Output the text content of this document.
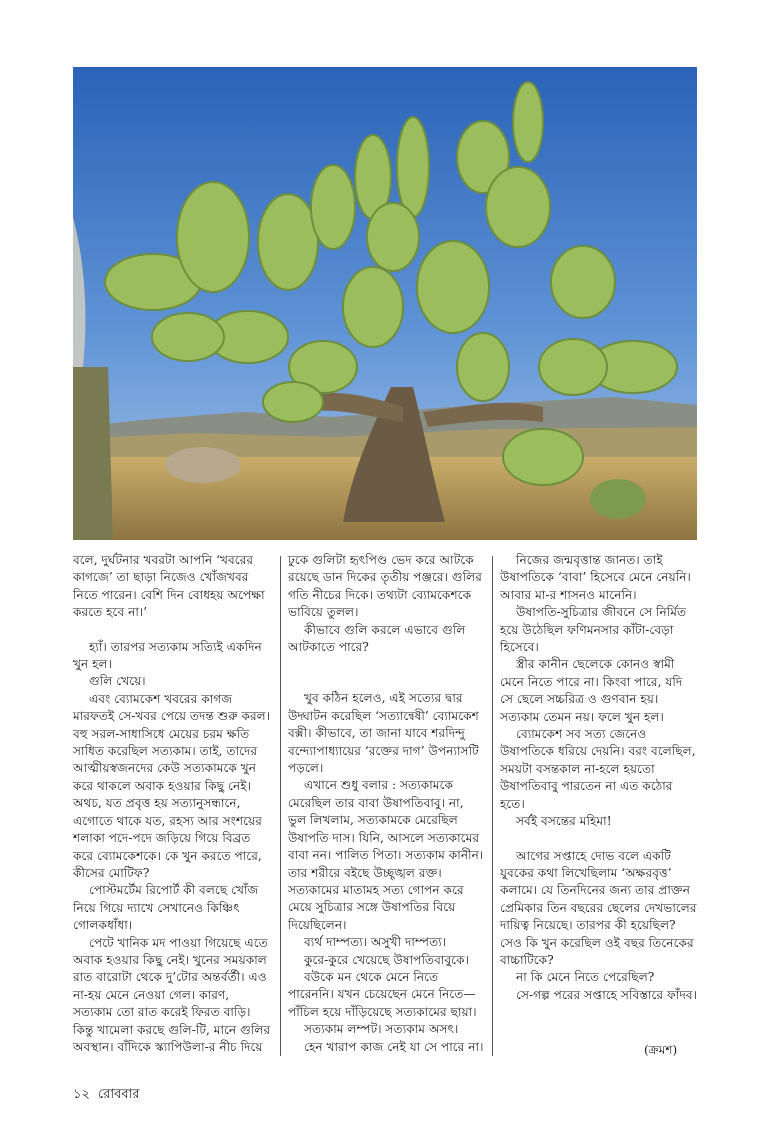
বলে, দুর্ঘটনার খবরটা আপনি ‘খবরের কাগজে’ তা ছাড়া নিজেও খোঁজখবর নিতে পারেন। বেশি দিন বোধহয় অপেক্ষা করতে হবে না।’

হ্যাঁ। তারপর সত্যকাম সত্যিই একদিন খুন হল।

গুলি খেয়ে।

এবং ব্যোমকেশ খবরের কাগজ মারফতই সে-খবর পেয়ে তদন্ত শুরু করল। বহু সরল-সাধাসিধে মেয়ের চরম ক্ষতি সাধিত করেছিল সত্যকাম। তাই, তাদের আত্মীয়স্বজনদের কেউ সত্যকামকে খুন করে থাকলে অবাক হওয়ার কিছু নেই। অথচ, যত প্রবৃত্ত হয় সত্যানুসন্ধানে, এগোতে থাকে যত, রহস্য আর সংশয়ের শলাকা পদে-পদে জড়িয়ে গিয়ে বিব্রত করে ব্যোমকেশকে। কে খুন করতে পারে, কীসের মোটিফ?

পোস্টমর্টেম রিপোর্ট কী বলছে খোঁজ নিয়ে গিয়ে দ্যাখে সেখানেও কিঞ্চিৎ গোলকধাঁধা।

পেটে খানিক মদ পাওয়া গিয়েছে এতে অবাক হওয়ার কিছু নেই। খুনের সময়কাল রাত বারোটা থেকে দু’টোর অন্তর্বর্তী। এও না-হয় মেনে নেওয়া গেল। কারণ, সত্যকাম তো রাত করেই ফিরত বাড়ি। কিন্তু খামেলা করছে গুলি-টি, মানে গুলির অবস্থান। বাঁদিকে স্ক্যাপিউলা-র নীচ দিয়ে

ঢুকে গুলিটা হৃৎপিণ্ড ভেদ করে আটকে রয়েছে ডান দিকের তৃতীয় পঞ্জরে। গুলির গতি নীচের দিকে। তথ্যটা ব্যোমকেশকে ভাবিয়ে তুলল।

কীভাবে গুলি করলে এভাবে গুলি আটকাতে পারে?

খুব কঠিন হলেও, এই সত্যের দ্বার উদ্ঘাটন করেছিল ‘সত্যান্বেষী’ ব্যোমকেশ বক্সী। কীভাবে, তা জানা যাবে শরদিন্দু বন্দ্যোপাধ্যায়ের ‘রক্তের দাগ’ উপন্যাসটি পড়লে।

এখানে শুধু বলার : সত্যকামকে মেরেছিল তার বাবা উষাপতিবাবু। না, ভুল লিখলাম, সত্যকামকে মেরেছিল উষাপতি দাস। যিনি, আসলে সত্যকামের বাবা নন। পালিত পিতা। সত্যকাম কানীন। তার শরীরে বইছে উচ্ছৃঙ্খল রক্ত। সত্যকামের মাতামহ সত্য গোপন করে মেয়ে সুচিত্রার সঙ্গে উষাপতির বিয়ে দিয়েছিলেন।

ব্যর্থ দাম্পত্য। অসুখী দাম্পত্য।

কুরে-কুরে খেয়েছে উষাপতিবাবুকে।

বউকে মন থেকে মেনে নিতে পারেননি। যখন চেয়েছেন মেনে নিতে—পাঁচিল হয়ে দাঁড়িয়েছে সত্যকামের ছায়া।

সত্যকাম লম্পট। সত্যকাম অসৎ।

হেন খারাপ কাজ নেই যা সে পারে না।

নিজের জন্মবৃত্তান্ত জানত। তাই উষাপতিকে ‘বাবা’ হিসেবে মেনে নেয়নি। আবার মা-র শাসনও মানেনি।

উষাপতি-সুচিত্রার জীবনে সে নির্মিত হয়ে উঠেছিল ফণিমনসার কাঁটা-বেড়া হিসেবে।

স্ত্রীর কানীন ছেলেকে কোনও স্বামী মেনে নিতে পারে না। কিংবা পারে, যদি সে ছেলে সচ্চরিত্র ও গুণবান হয়। সত্যকাম তেমন নয়। ফলে খুন হল।

ব্যোমকেশ সব সত্য জেনেও উষাপতিকে ধরিয়ে দেয়নি। বরং বলেছিল, সময়টা বসন্তকাল না-হলে হয়তো উষাপতিবাবু পারতেন না এত কঠোর হতে।

সর্বই বসন্তের মহিমা!

আগের সপ্তাহে দোভ বলে একটি যুবকের কথা লিখেছিলাম ‘অক্ষরবৃত্ত’ কলামে। যে তিনদিনের জন্য তার প্রাক্তন প্রেমিকার তিন বছরের ছেলের দেখভালের দায়িত্ব নিয়েছে। তারপর কী হয়েছিল? সেও কি খুন করেছিল ওই বছর তিনেকের বাচ্চাটিকে?

না কি মেনে নিতে পেরেছিল?

সে-গল্প পরের সপ্তাহে সবিস্তারে ফাঁদব।

(ক্রমশ)
১২ রোববার
